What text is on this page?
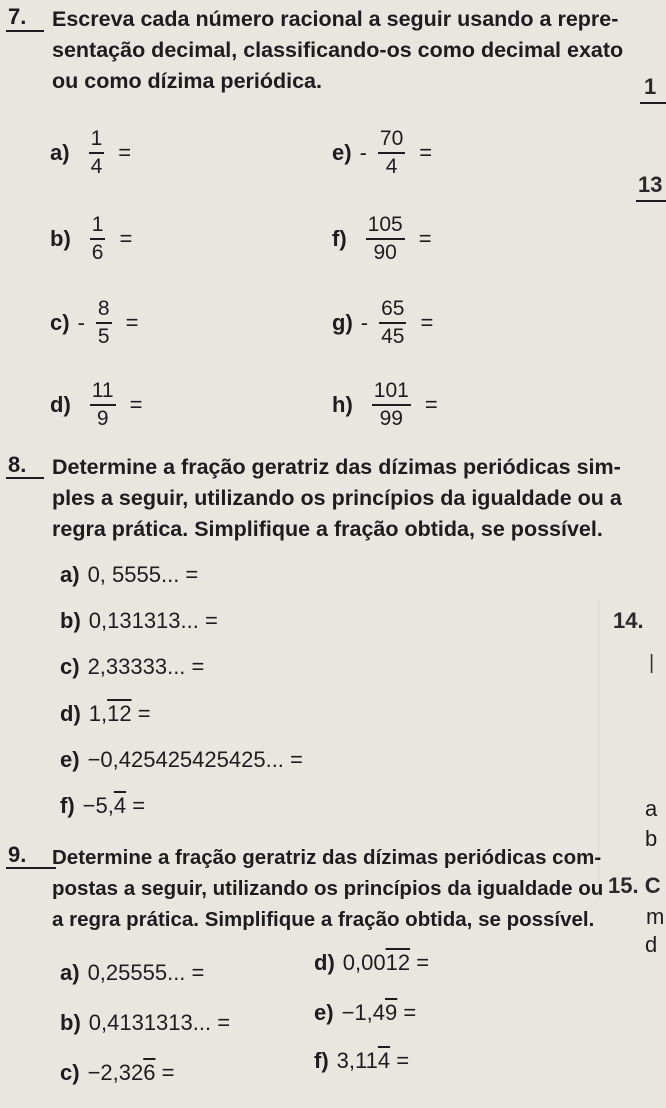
7. Escreva cada número racional a seguir usando a repre-
sentação decimal, classificando-os como decimal exato
ou como dízima periódica.
$a) \frac{1}{4}$ =
$b) \frac{1}{6}$ =
$c) - \frac{8}{5}$ =
$d) \frac{11}{9}$ =
$e) - \frac{70}{4}$ =
$f) \frac{105}{90}$ =
$g) - \frac{65}{45}$ =
$h) \frac{101}{99}$ =
8. Determine a fração geratriz das dízimas periódicas sim-
ples a seguir, utilizando os princípios da igualdade ou a
regra prática. Simplifique a fração obtida, se possível.
a) 0, 5555... =
b) 0,131313... =
c) 2,33333... =
d) 1,12 =
e) −0,425425425425... =
f) −5,4 =
9. Determine a fração geratriz das dízimas periódicas com-
postas a seguir, utilizando os princípios da igualdade ou
a regra prática. Simplifique a fração obtida, se possível.
a) 0,25555... =
b) 0,4131313... =
c) −2,326 =
d) 0,0012 =
e) −1,49 =
f) 3,114 =
1
13
14.
|
a
b
15. C
m
d
